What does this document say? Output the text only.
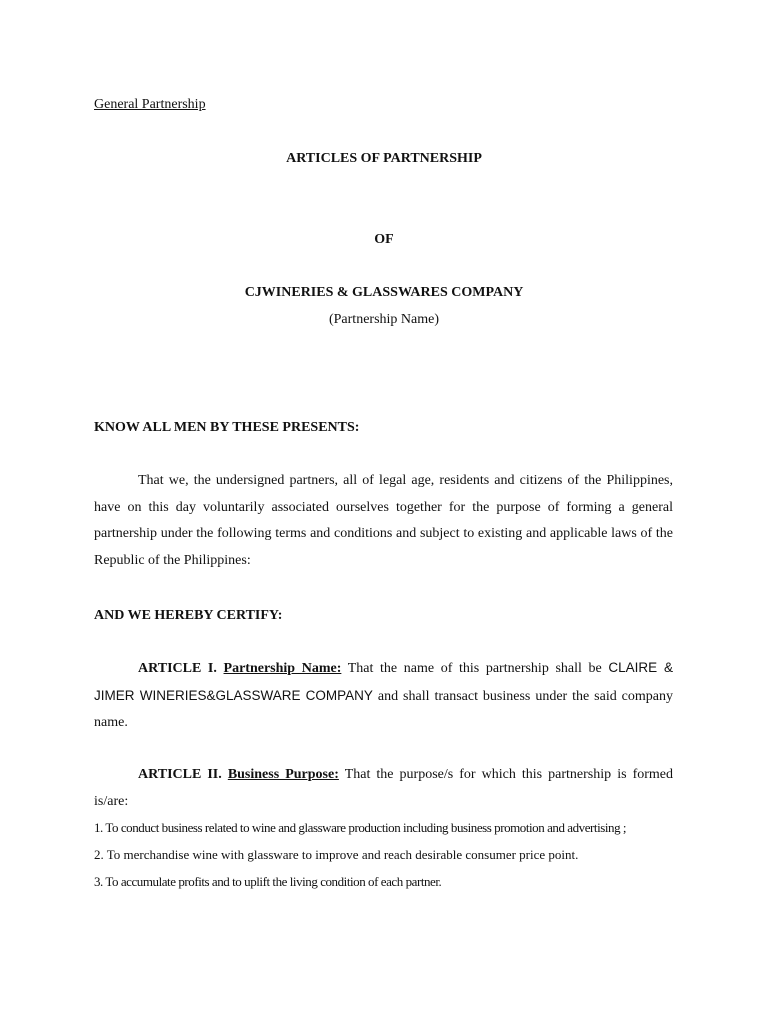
General Partnership
ARTICLES OF PARTNERSHIP
OF
CJWINERIES & GLASSWARES COMPANY
(Partnership Name)
KNOW ALL MEN BY THESE PRESENTS:
That we, the undersigned partners, all of legal age, residents and citizens of the Philippines, have on this day voluntarily associated ourselves together for the purpose of forming a general partnership under the following terms and conditions and subject to existing and applicable laws of the Republic of the Philippines:
AND WE HEREBY CERTIFY:
ARTICLE I. Partnership Name: That the name of this partnership shall be CLAIRE & JIMER WINERIES&GLASSWARE COMPANY and shall transact business under the said company name.
ARTICLE II. Business Purpose: That the purpose/s for which this partnership is formed is/are:
1. To conduct business related to wine and glassware production including business promotion and advertising ;
2. To merchandise wine with glassware to improve and reach desirable consumer price point.
3. To accumulate profits and to uplift the living condition of each partner.
